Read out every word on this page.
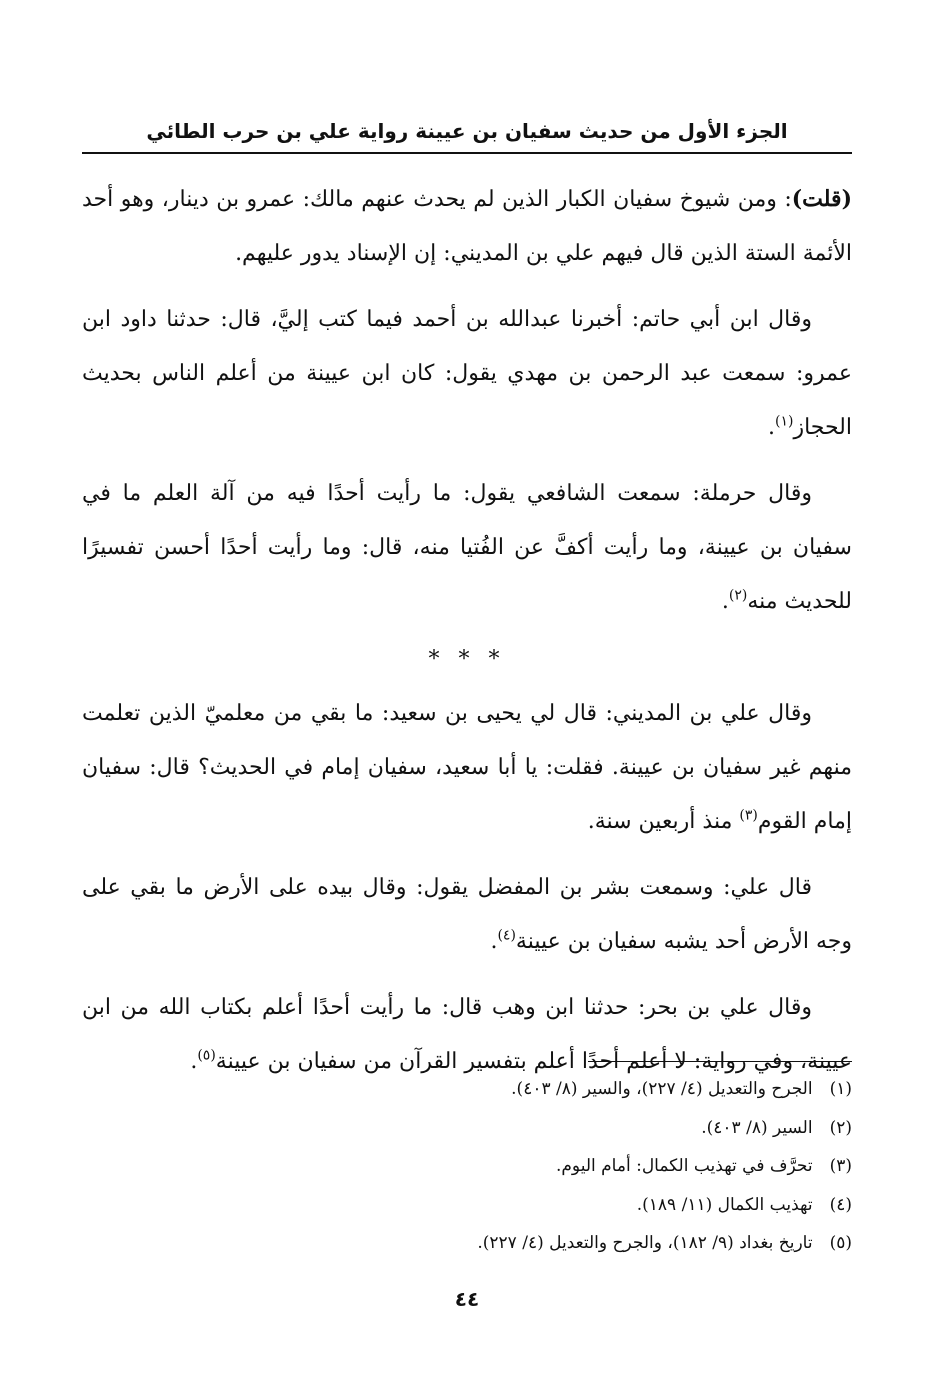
الجزء الأول من حديث سفيان بن عيينة رواية علي بن حرب الطائي

(قلت): ومن شيوخ سفيان الكبار الذين لم يحدث عنهم مالك: عمرو بن دينار، وهو أحد الأئمة الستة الذين قال فيهم علي بن المديني: إن الإسناد يدور عليهم.

وقال ابن أبي حاتم: أخبرنا عبدالله بن أحمد فيما كتب إليَّ، قال: حدثنا داود ابن عمرو: سمعت عبد الرحمن بن مهدي يقول: كان ابن عيينة من أعلم الناس بحديث الحجاز$^{(١)}$.

وقال حرملة: سمعت الشافعي يقول: ما رأيت أحدًا فيه من آلة العلم ما في سفيان بن عيينة، وما رأيت أكفَّ عن الفُتيا منه، قال: وما رأيت أحدًا أحسن تفسيرًا للحديث منه$^{(٢)}$.

* * *

وقال علي بن المديني: قال لي يحيى بن سعيد: ما بقي من معلميّ الذين تعلمت منهم غير سفيان بن عيينة. فقلت: يا أبا سعيد، سفيان إمام في الحديث؟ قال: سفيان إمام القوم$^{(٣)}$ منذ أربعين سنة.

قال علي: وسمعت بشر بن المفضل يقول: وقال بيده على الأرض ما بقي على وجه الأرض أحد يشبه سفيان بن عيينة$^{(٤)}$.

وقال علي بن بحر: حدثنا ابن وهب قال: ما رأيت أحدًا أعلم بكتاب الله من ابن عيينة، وفي رواية: لا أعلم أحدًا أعلم بتفسير القرآن من سفيان بن عيينة$^{(٥)}$.

(١) الجرح والتعديل (٤/ ٢٢٧)، والسير (٨/ ٤٠٣).
(٢) السير (٨/ ٤٠٣).
(٣) تحرَّف في تهذيب الكمال: أمام اليوم.
(٤) تهذيب الكمال (١١/ ١٨٩).
(٥) تاريخ بغداد (٩/ ١٨٢)، والجرح والتعديل (٤/ ٢٢٧).
٤٤
